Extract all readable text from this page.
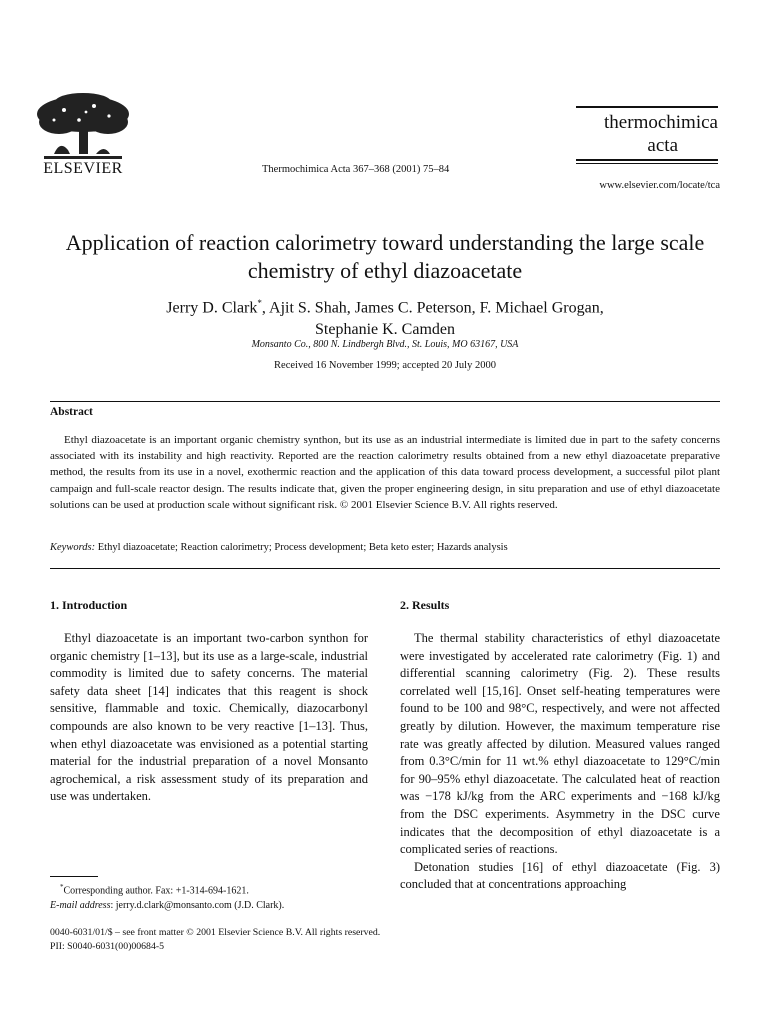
ELSEVIER	Thermochimica Acta 367–368 (2001) 75–84
thermochimica
acta
www.elsevier.com/locate/tca
Application of reaction calorimetry toward understanding the large scale chemistry of ethyl diazoacetate
Jerry D. Clark*, Ajit S. Shah, James C. Peterson, F. Michael Grogan,
Stephanie K. Camden
Monsanto Co., 800 N. Lindbergh Blvd., St. Louis, MO 63167, USA
Received 16 November 1999; accepted 20 July 2000
Abstract
Ethyl diazoacetate is an important organic chemistry synthon, but its use as an industrial intermediate is limited due in part to the safety concerns associated with its instability and high reactivity. Reported are the reaction calorimetry results obtained from a new ethyl diazoacetate preparative method, the results from its use in a novel, exothermic reaction and the application of this data toward process development, a successful pilot plant campaign and full-scale reactor design. The results indicate that, given the proper engineering design, in situ preparation and use of ethyl diazoacetate solutions can be used at production scale without significant risk. © 2001 Elsevier Science B.V. All rights reserved.
Keywords: Ethyl diazoacetate; Reaction calorimetry; Process development; Beta keto ester; Hazards analysis
1. Introduction

Ethyl diazoacetate is an important two-carbon synthon for organic chemistry [1–13], but its use as a large-scale, industrial commodity is limited due to safety concerns. The material safety data sheet [14] indicates that this reagent is shock sensitive, flammable and toxic. Chemically, diazocarbonyl compounds are also known to be very reactive [1–13]. Thus, when ethyl diazoacetate was envisioned as a potential starting material for the industrial preparation of a novel Monsanto agrochemical, a risk assessment study of its preparation and use was undertaken.

2. Results

The thermal stability characteristics of ethyl diazoacetate were investigated by accelerated rate calorimetry (Fig. 1) and differential scanning calorimetry (Fig. 2). These results correlated well [15,16]. Onset self-heating temperatures were found to be 100 and 98°C, respectively, and were not affected greatly by dilution. However, the maximum temperature rise rate was greatly affected by dilution. Measured values ranged from 0.3°C/min for 11 wt.% ethyl diazoacetate to 129°C/min for 90–95% ethyl diazoacetate. The calculated heat of reaction was −178 kJ/kg from the ARC experiments and −168 kJ/kg from the DSC experiments. Asymmetry in the DSC curve indicates that the decomposition of ethyl diazoacetate is a complicated series of reactions.

Detonation studies [16] of ethyl diazoacetate (Fig. 3) concluded that at concentrations approaching

*Corresponding author. Fax: +1-314-694-1621.

E-mail address: jerry.d.clark@monsanto.com (J.D. Clark).

0040-6031/01/$ – see front matter © 2001 Elsevier Science B.V. All rights reserved.
PII: S0040-6031(00)00684-5
